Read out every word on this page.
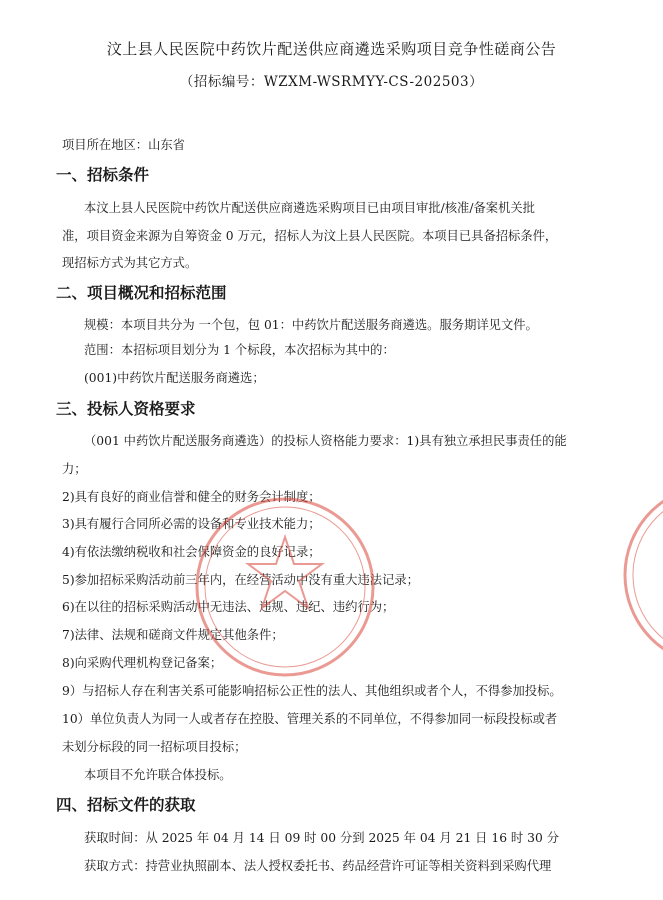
汶上县人民医院中药饮片配送供应商遴选采购项目竞争性磋商公告
（招标编号：WZXM-WSRMYY-CS-202503）
项目所在地区：山东省
一、招标条件
本汶上县人民医院中药饮片配送供应商遴选采购项目已由项目审批/核准/备案机关批
准，项目资金来源为自筹资金 0 万元，招标人为汶上县人民医院。本项目已具备招标条件，
现招标方式为其它方式。
二、项目概况和招标范围
规模：本项目共分为 一个包，包 01：中药饮片配送服务商遴选。服务期详见文件。
范围：本招标项目划分为 1 个标段，本次招标为其中的：
(001)中药饮片配送服务商遴选；
三、投标人资格要求
（001 中药饮片配送服务商遴选）的投标人资格能力要求：1)具有独立承担民事责任的能
力；
2)具有良好的商业信誉和健全的财务会计制度；
3)具有履行合同所必需的设备和专业技术能力；
4)有依法缴纳税收和社会保障资金的良好记录；
5)参加招标采购活动前三年内，在经营活动中没有重大违法记录；
6)在以往的招标采购活动中无违法、违规、违纪、违约行为；
7)法律、法规和磋商文件规定其他条件；
8)向采购代理机构登记备案；
9）与招标人存在利害关系可能影响招标公正性的法人、其他组织或者个人，不得参加投标。
10）单位负责人为同一人或者存在控股、管理关系的不同单位，不得参加同一标段投标或者
未划分标段的同一招标项目投标；
本项目不允许联合体投标。
四、招标文件的获取
获取时间：从 2025 年 04 月 14 日 09 时 00 分到 2025 年 04 月 21 日 16 时 30 分
获取方式：持营业执照副本、法人授权委托书、药品经营许可证等相关资料到采购代理
